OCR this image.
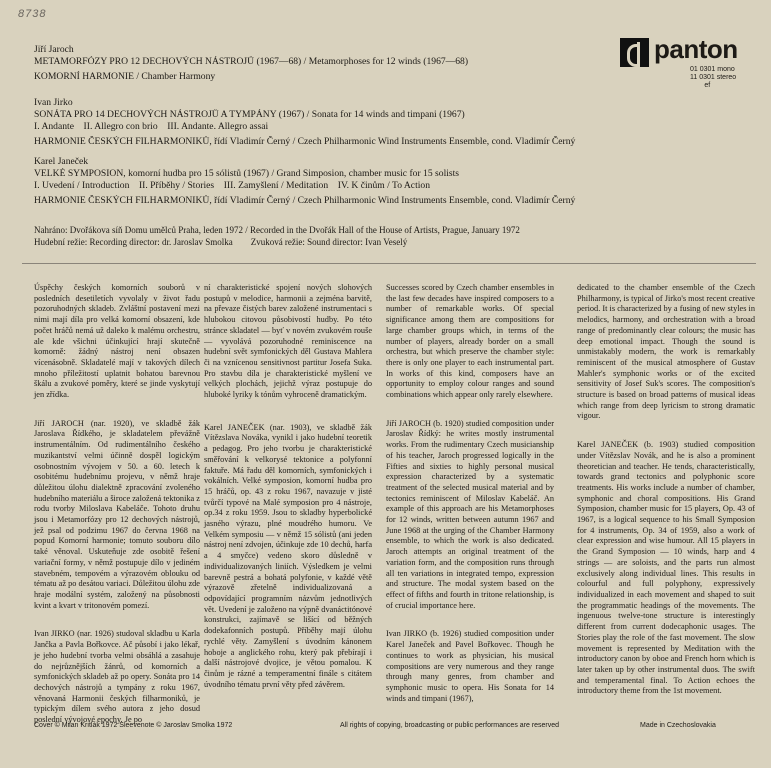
8738
Jiří Jaroch
METAMORFÓZY PRO 12 DECHOVÝCH NÁSTROJŮ (1967—68) / Metamorphoses for 12 winds (1967—68)
KOMORNÍ HARMONIE / Chamber Harmony
Ivan Jirko
SONÁTA PRO 14 DECHOVÝCH NÁSTROJŮ A TYMPÁNY (1967) / Sonata for 14 winds and timpani (1967)
I. Andante    II. Allegro con brio    III. Andante. Allegro assai
HARMONIE ČESKÝCH FILHARMONIKŮ, řídí Vladimír Černý / Czech Philharmonic Wind Instruments Ensemble, cond. Vladimír Černý
Karel Janeček
VELKÉ SYMPOSION, komorní hudba pro 15 sólistů (1967) / Grand Simposion, chamber music for 15 solists
I. Uvedení / Introduction    II. Příběhy / Stories    III. Zamyšlení / Meditation    IV. K činům / To Action
HARMONIE ČESKÝCH FILHARMONIKŮ, řídí Vladimír Černý / Czech Philharmonic Wind Instruments Ensemble, cond. Vladimír Černý
Nahráno: Dvořákova síň Domu umělců Praha, leden 1972 / Recorded in the Dvořák Hall of the House of Artists, Prague, January 1972
Hudební režie: Recording director: dr. Jaroslav Smolka        Zvuková režie: Sound director: Ivan Veselý
panton
01 0301 mono
11 0301 stereo
ef

Úspěchy českých komorních souborů v posledních desetiletích vyvolaly v život řadu pozoruhodných skladeb. Zvláštní postavení mezi nimi mají díla pro velká komorní obsazení, kde počet hráčů nemá už daleko k malému orchestru, ale kde všichni účinkující hrají skutečně komorně: žádný nástroj není obsazen vícenásobně. Skladatelé mají v takových dílech mnoho příležitostí uplatnit bohatou barevnou škálu a zvukové poměry, které se jinde vyskytují jen zřídka.

Jiří JAROCH (nar. 1920), ve skladbě žák Jaroslava Řídkého, je skladatelem převážně instrumentálním. Od rudimentálního českého muzikantství velmi účinně dospěl logickým osobnostním vývojem v 50. a 60. letech k osobitému hudebnímu projevu, v němž hraje důležitou úlohu dialektně zpracování zvoleného hudebního materiálu a široce založená tektonika z rodu tvorby Miloslava Kabeláče. Tohoto druhu jsou i Metamorfózy pro 12 dechových nástrojů, jež psal od podzimu 1967 do června 1968 na popud Komorní harmonie; tomuto souboru dílo také věnoval. Uskuteňuje zde osobitě řešení variační formy, v němž postupuje dílo v jediném stavebném, tempovém a výrazovém oblouku od tématu až po desátou variaci. Důležitou úlohu zde hraje modální systém, založený na působnosti kvint a kvart v tritonovém pomezí.

Ivan JIRKO (nar. 1926) studoval skladbu u Karla Jančka a Pavla Bořkovce. Ač působí i jako lékař, je jeho hudební tvorba velmi obsáhlá a zasahuje do nejrůznějších žánrů, od komorních a symfonických skladeb až po opery. Sonáta pro 14 dechových nástrojů a tympány z roku 1967, věnovaná Harmonii českých filharmoniků, je typickým dílem svého autora z jeho dosud poslední vývojové epochy. Je po

ní charakteristické spojení nových slohových postupů v melodice, harmonii a zejména barvitě, na převaze čistých barev založené instrumentaci s hlubokou citovou působivostí hudby. Po této stránce skladatel — byť v novém zvukovém rouše — vyvolává pozoruhodné reminiscence na hudební svět symfonických děl Gustava Mahlera či na vznícenou sensitivnost partitur Josefa Suka. Pro stavbu díla je charakteristické myšlení ve velkých plochách, jejichž výraz postupuje do hluboké lyriky k tónům vyhroceně dramatickým.

Karel JANEČEK (nar. 1903), ve skladbě žák Vítězslava Nováka, vynikl i jako hudební teoretik a pedagog. Pro jeho tvorbu je charakteristické směřování k velkorysé tektonice a polyfonní faktuře. Má řadu děl komorních, symfonických i vokálních. Velké symposion, komorní hudba pro 15 hráčů, op. 43 z roku 1967, navazuje v jisté tvůrčí typové na Malé symposion pro 4 nástroje, op.34 z roku 1959. Jsou to skladby hyperbolické jasného výrazu, plné moudrého humoru. Ve Velkém symposiu — v němž 15 sólistů (ani jeden nástroj není zdvojen, účinkuje zde 10 dechů, harfa a 4 smyčce) vedeno skoro důsledně v individualizovaných liniích. Výsledkem je velmi barevně pestrá a bohatá polyfonie, v každé větě výrazově zřetelně individualizovaná a odpovídající programním názvům jednotlivých vět. Uvedení je založeno na výpně dvanáctitónové konstrukci, zajímavě se lišící od běžných dodekafonních postupů. Příběhy mají úlohu rychlé věty. Zamyšlení s úvodním kánonem hoboje a anglického rohu, který pak přebírají i další nástrojové dvojice, je větou pomalou. K činům je rázné a temperamentní finále s citátem úvodního tématu první věty před závěrem.

Successes scored by Czech chamber ensembles in the last few decades have inspired composers to a number of remarkable works. Of special significance among them are compositions for large chamber groups which, in terms of the number of players, already border on a small orchestra, but which preserve the chamber style: there is only one player to each instrumental part. In works of this kind, composers have an opportunity to employ colour ranges and sound combinations which appear only rarely elsewhere.

Jiří JAROCH (b. 1920) studied composition under Jaroslav Řídký: he writes mostly instrumental works. From the rudimentary Czech musicianship of his teacher, Jaroch progressed logically in the Fifties and sixties to highly personal musical expression characterized by a systematic treatment of the selected musical material and by tectonics reminiscent of Miloslav Kabeláč. An example of this approach are his Metamorphoses for 12 winds, written between autumn 1967 and June 1968 at the urging of the Chamber Harmony ensemble, to which the work is also dedicated. Jaroch attempts an original treatment of the variation form, and the composition runs through all ten variations in integrated tempo, expression and structure. The modal system based on the effect of fifths and fourth in tritone relationship, is of crucial importance here.

Ivan JIRKO (b. 1926) studied composition under Karel Janeček and Pavel Bořkovec. Though he continues to work as physician, his musical compositions are very numerous and they range through many genres, from chamber and symphonic music to opera. His Sonata for 14 winds and timpani (1967),

dedicated to the chamber ensemble of the Czech Philharmony, is typical of Jirko's most recent creative period. It is characterized by a fusing of new styles in melodics, harmony, and orchestration with a broad range of predominantly clear colours; the music has deep emotional impact. Though the sound is unmistakably modern, the work is remarkably reminiscent of the musical atmosphere of Gustav Mahler's symphonic works or of the excited sensitivity of Josef Suk's scores. The composition's structure is based on broad patterns of musical ideas which range from deep lyricism to strong dramatic vigour.

Karel JANEČEK (b. 1903) studied composition under Vítězslav Novák, and he is also a prominent theoretician and teacher. He tends, characteristically, towards grand tectonics and polyphonic score treatments. His works include a number of chamber, symphonic and choral compositions. His Grand Symposion, chamber music for 15 players, Op. 43 of 1967, is a logical sequence to his Small Symposion for 4 instruments, Op. 34 of 1959, also a work of clear expression and wise humour. All 15 players in the Grand Symposion — 10 winds, harp and 4 strings — are soloists, and the parts run almost exclusively along individual lines. This results in colourful and full polyphony, expressively individualized in each movement and shaped to suit the programmatic headings of the movements. The ingenuous twelve-tone structure is interestingly different from current dodecaphonic usages. The Stories play the role of the fast movement. The slow movement is represented by Meditation with the introductory canon by oboe and French horn which is later taken up by other instrumental duos. The swift and temperamental final. To Action echoes the introductory theme from the 1st movement.

Cover © Milan Kritlák 1972 Sleevenote © Jaroslav Smolka 1972	All rights of copying, broadcasting or public performances are reserved	Made in Czechoslovakia
